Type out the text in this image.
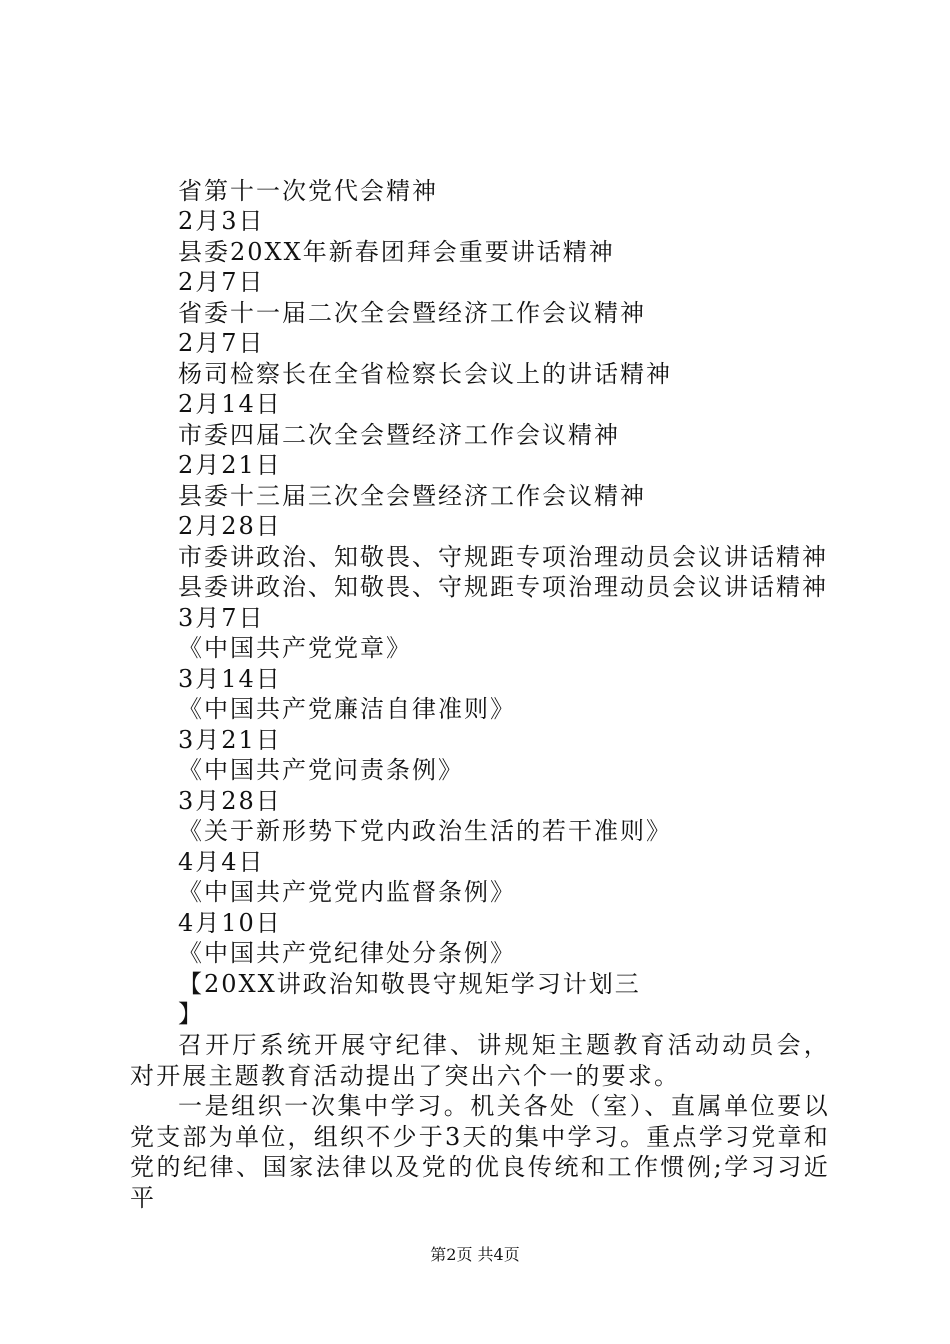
省第十一次党代会精神
2月3日
县委20XX年新春团拜会重要讲话精神
2月7日
省委十一届二次全会暨经济工作会议精神
2月7日
杨司检察长在全省检察长会议上的讲话精神
2月14日
市委四届二次全会暨经济工作会议精神
2月21日
县委十三届三次全会暨经济工作会议精神
2月28日
市委讲政治、知敬畏、守规距专项治理动员会议讲话精神
县委讲政治、知敬畏、守规距专项治理动员会议讲话精神
3月7日
《中国共产党党章》
3月14日
《中国共产党廉洁自律准则》
3月21日
《中国共产党问责条例》
3月28日
《关于新形势下党内政治生活的若干准则》
4月4日
《中国共产党党内监督条例》
4月10日
《中国共产党纪律处分条例》
【20XX讲政治知敬畏守规矩学习计划三
】
召开厅系统开展守纪律、讲规矩主题教育活动动员会，对开展主题教育活动提出了突出六个一的要求。
一是组织一次集中学习。机关各处（室）、直属单位要以党支部为单位，组织不少于3天的集中学习。重点学习党章和党的纪律、国家法律以及党的优良传统和工作惯例;学习习近平
第2页 共4页
